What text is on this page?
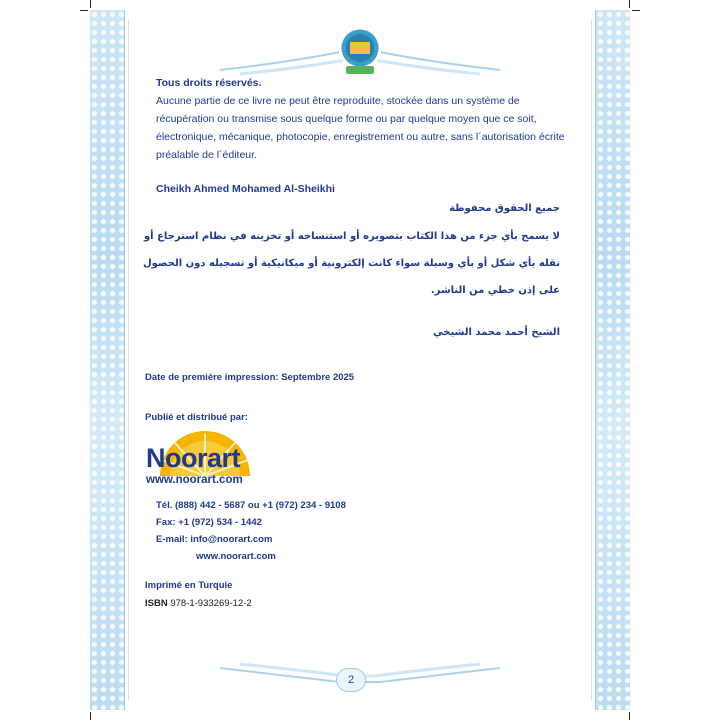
Tous droits réservés.
Aucune partie de ce livre ne peut être reproduite, stockée dans un système de récupération ou transmise sous quelque forme ou par quelque moyen que ce soit, électronique, mécanique, photocopie, enregistrement ou autre, sans l´autorisation écrite préalable de l´éditeur.
Cheikh Ahmed Mohamed Al-Sheikhi
جميع الحقوق محفوظة
لا يسمح بأي جزء من هذا الكتاب بتصويره أو استنساخه أو تخزينه في نظام استرجاع أو نقله بأي شكل أو بأي وسيلة سواء كانت إلكترونية أو ميكانيكية أو تسجيله دون الحصول على إذن خطي من الناشر.
الشيخ أحمد محمد الشيخي
Date de première impression: Septembre 2025
Publié et distribué par:
Noorart
www.noorart.com
Tél. (888) 442 - 5687 ou +1 (972) 234 - 9108
Fax: +1 (972) 534 - 1442
E-mail: info@noorart.com
www.noorart.com
Imprimé en Turquie
ISBN 978-1-933269-12-2
2
